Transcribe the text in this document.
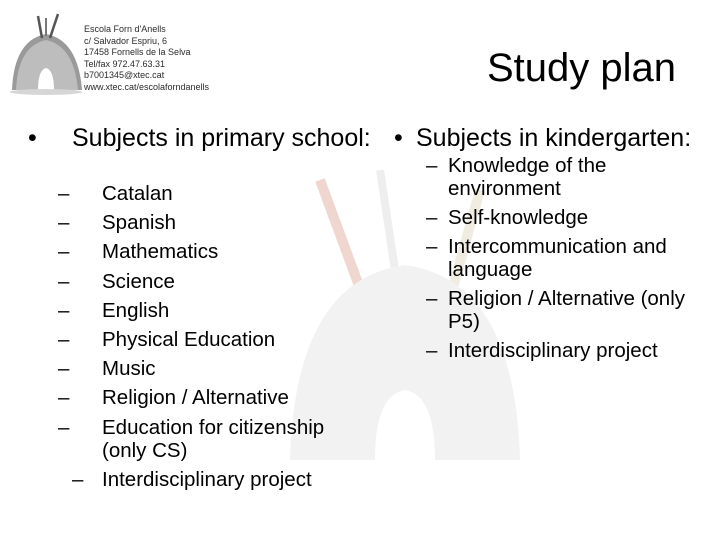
Escola Forn d'Anells
c/ Salvador Espriu, 6
17458 Fornells de la Selva
Tel/fax 972.47.63.31
b7001345@xtec.cat
www.xtec.cat/escolaforndanells	Study plan
• Subjects in primary school:
– Catalan
– Spanish
– Mathematics
– Science
– English
– Physical Education
– Music
– Religion / Alternative
– Education for citizenship (only CS)
– Interdisciplinary project
• Subjects in kindergarten:
– Knowledge of the environment
– Self-knowledge
– Intercommunication and language
– Religion / Alternative (only P5)
– Interdisciplinary project
